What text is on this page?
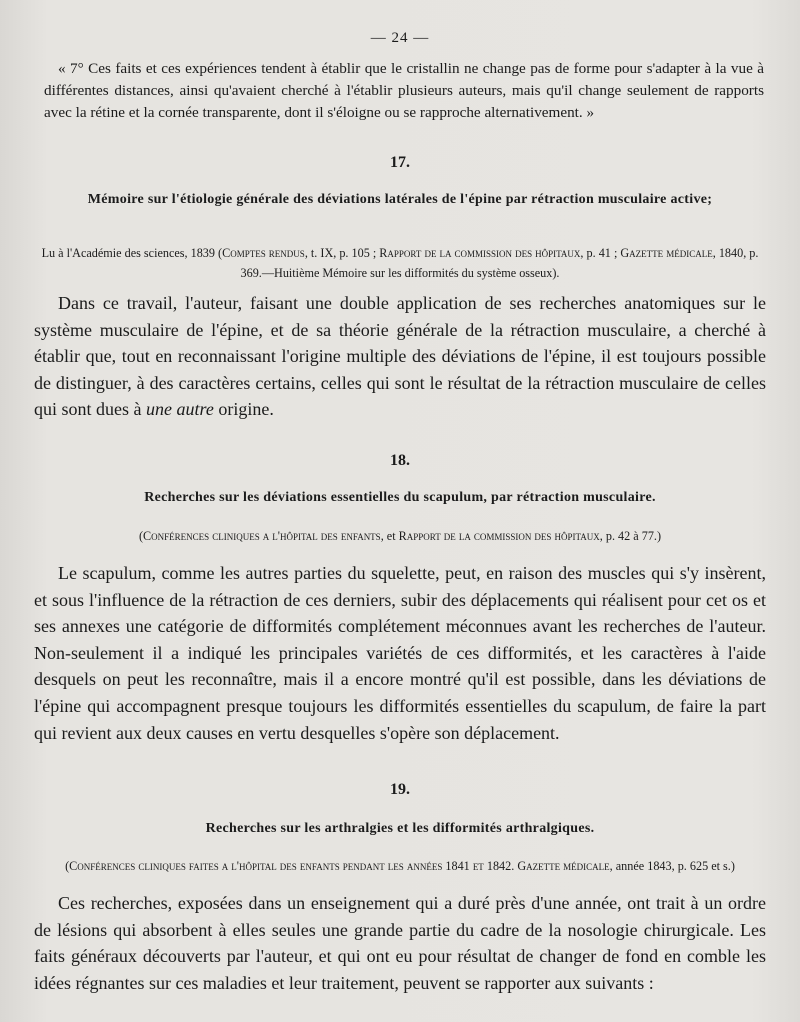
— 24 —

« 7° Ces faits et ces expériences tendent à établir que le cristallin ne change pas de forme pour s'adapter à la vue à différentes distances, ainsi qu'avaient cherché à l'établir plusieurs auteurs, mais qu'il change seulement de rapports avec la rétine et la cornée transparente, dont il s'éloigne ou se rapproche alternativement. »

17.
Mémoire sur l'étiologie générale des déviations latérales de l'épine par rétraction musculaire active;
Lu à l'Académie des sciences, 1839 (Comptes rendus, t. IX, p. 105 ; Rapport de la commission des hôpitaux, p. 41 ; Gazette médicale, 1840, p. 369.—Huitième Mémoire sur les difformités du système osseux).

Dans ce travail, l'auteur, faisant une double application de ses recherches anatomiques sur le système musculaire de l'épine, et de sa théorie générale de la rétraction musculaire, a cherché à établir que, tout en reconnaissant l'origine multiple des déviations de l'épine, il est toujours possible de distinguer, à des caractères certains, celles qui sont le résultat de la rétraction musculaire de celles qui sont dues à une autre origine.

18.
Recherches sur les déviations essentielles du scapulum, par rétraction musculaire.
(Conférences cliniques a l'hôpital des enfants, et Rapport de la commission des hôpitaux, p. 42 à 77.)

Le scapulum, comme les autres parties du squelette, peut, en raison des muscles qui s'y insèrent, et sous l'influence de la rétraction de ces derniers, subir des déplacements qui réalisent pour cet os et ses annexes une catégorie de difformités complétement méconnues avant les recherches de l'auteur. Non-seulement il a indiqué les principales variétés de ces difformités, et les caractères à l'aide desquels on peut les reconnaître, mais il a encore montré qu'il est possible, dans les déviations de l'épine qui accompagnent presque toujours les difformités essentielles du scapulum, de faire la part qui revient aux deux causes en vertu desquelles s'opère son déplacement.

19.
Recherches sur les arthralgies et les difformités arthralgiques.
(Conférences cliniques faites a l'hôpital des enfants pendant les années 1841 et 1842. Gazette médicale, année 1843, p. 625 et s.)

Ces recherches, exposées dans un enseignement qui a duré près d'une année, ont trait à un ordre de lésions qui absorbent à elles seules une grande partie du cadre de la nosologie chirurgicale. Les faits généraux découverts par l'auteur, et qui ont eu pour résultat de changer de fond en comble les idées régnantes sur ces maladies et leur traitement, peuvent se rapporter aux suivants :
